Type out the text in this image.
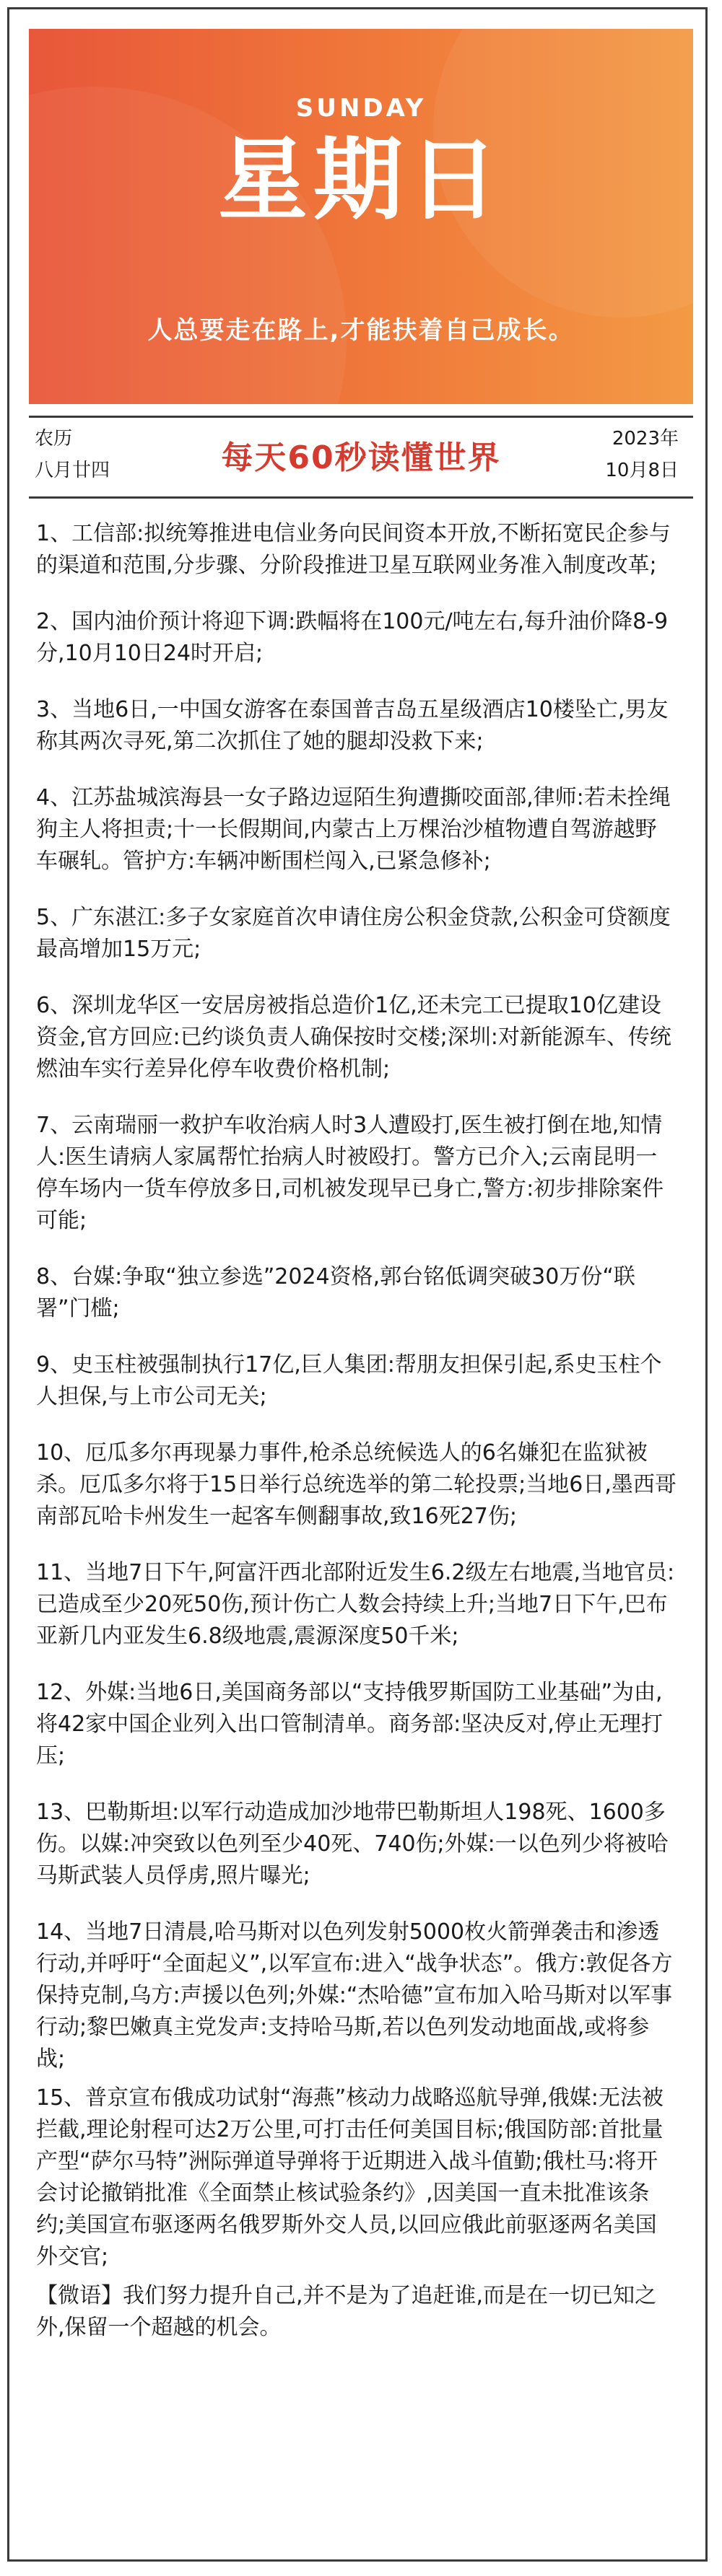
SUNDAY
星期日
人总要走在路上,才能扶着自己成长。
农历
八月廿四	每天60秒读懂世界
2023年
10月8日
1、工信部:拟统筹推进电信业务向民间资本开放,不断拓宽民企参与的渠道和范围,分步骤、分阶段推进卫星互联网业务准入制度改革;
2、国内油价预计将迎下调:跌幅将在100元/吨左右,每升油价降8-9分,10月10日24时开启;
3、当地6日,一中国女游客在泰国普吉岛五星级酒店10楼坠亡,男友称其两次寻死,第二次抓住了她的腿却没救下来;
4、江苏盐城滨海县一女子路边逗陌生狗遭撕咬面部,律师:若未拴绳狗主人将担责;十一长假期间,内蒙古上万棵治沙植物遭自驾游越野车碾轧。管护方:车辆冲断围栏闯入,已紧急修补;
5、广东湛江:多子女家庭首次申请住房公积金贷款,公积金可贷额度最高增加15万元;
6、深圳龙华区一安居房被指总造价1亿,还未完工已提取10亿建设资金,官方回应:已约谈负责人确保按时交楼;深圳:对新能源车、传统燃油车实行差异化停车收费价格机制;
7、云南瑞丽一救护车收治病人时3人遭殴打,医生被打倒在地,知情人:医生请病人家属帮忙抬病人时被殴打。警方已介入;云南昆明一停车场内一货车停放多日,司机被发现早已身亡,警方:初步排除案件可能;
8、台媒:争取“独立参选”2024资格,郭台铭低调突破30万份“联署”门槛;
9、史玉柱被强制执行17亿,巨人集团:帮朋友担保引起,系史玉柱个人担保,与上市公司无关;
10、厄瓜多尔再现暴力事件,枪杀总统候选人的6名嫌犯在监狱被杀。厄瓜多尔将于15日举行总统选举的第二轮投票;当地6日,墨西哥南部瓦哈卡州发生一起客车侧翻事故,致16死27伤;
11、当地7日下午,阿富汗西北部附近发生6.2级左右地震,当地官员:已造成至少20死50伤,预计伤亡人数会持续上升;当地7日下午,巴布亚新几内亚发生6.8级地震,震源深度50千米;
12、外媒:当地6日,美国商务部以“支持俄罗斯国防工业基础”为由,将42家中国企业列入出口管制清单。商务部:坚决反对,停止无理打压;
13、巴勒斯坦:以军行动造成加沙地带巴勒斯坦人198死、1600多伤。以媒:冲突致以色列至少40死、740伤;外媒:一以色列少将被哈马斯武装人员俘虏,照片曝光;
14、当地7日清晨,哈马斯对以色列发射5000枚火箭弹袭击和渗透行动,并呼吁“全面起义”,以军宣布:进入“战争状态”。俄方:敦促各方保持克制,乌方:声援以色列;外媒:“杰哈德”宣布加入哈马斯对以军事行动;黎巴嫩真主党发声:支持哈马斯,若以色列发动地面战,或将参战;
15、普京宣布俄成功试射“海燕”核动力战略巡航导弹,俄媒:无法被拦截,理论射程可达2万公里,可打击任何美国目标;俄国防部:首批量产型“萨尔马特”洲际弹道导弹将于近期进入战斗值勤;俄杜马:将开会讨论撤销批准《全面禁止核试验条约》,因美国一直未批准该条约;美国宣布驱逐两名俄罗斯外交人员,以回应俄此前驱逐两名美国外交官;
【微语】我们努力提升自己,并不是为了追赶谁,而是在一切已知之外,保留一个超越的机会。
